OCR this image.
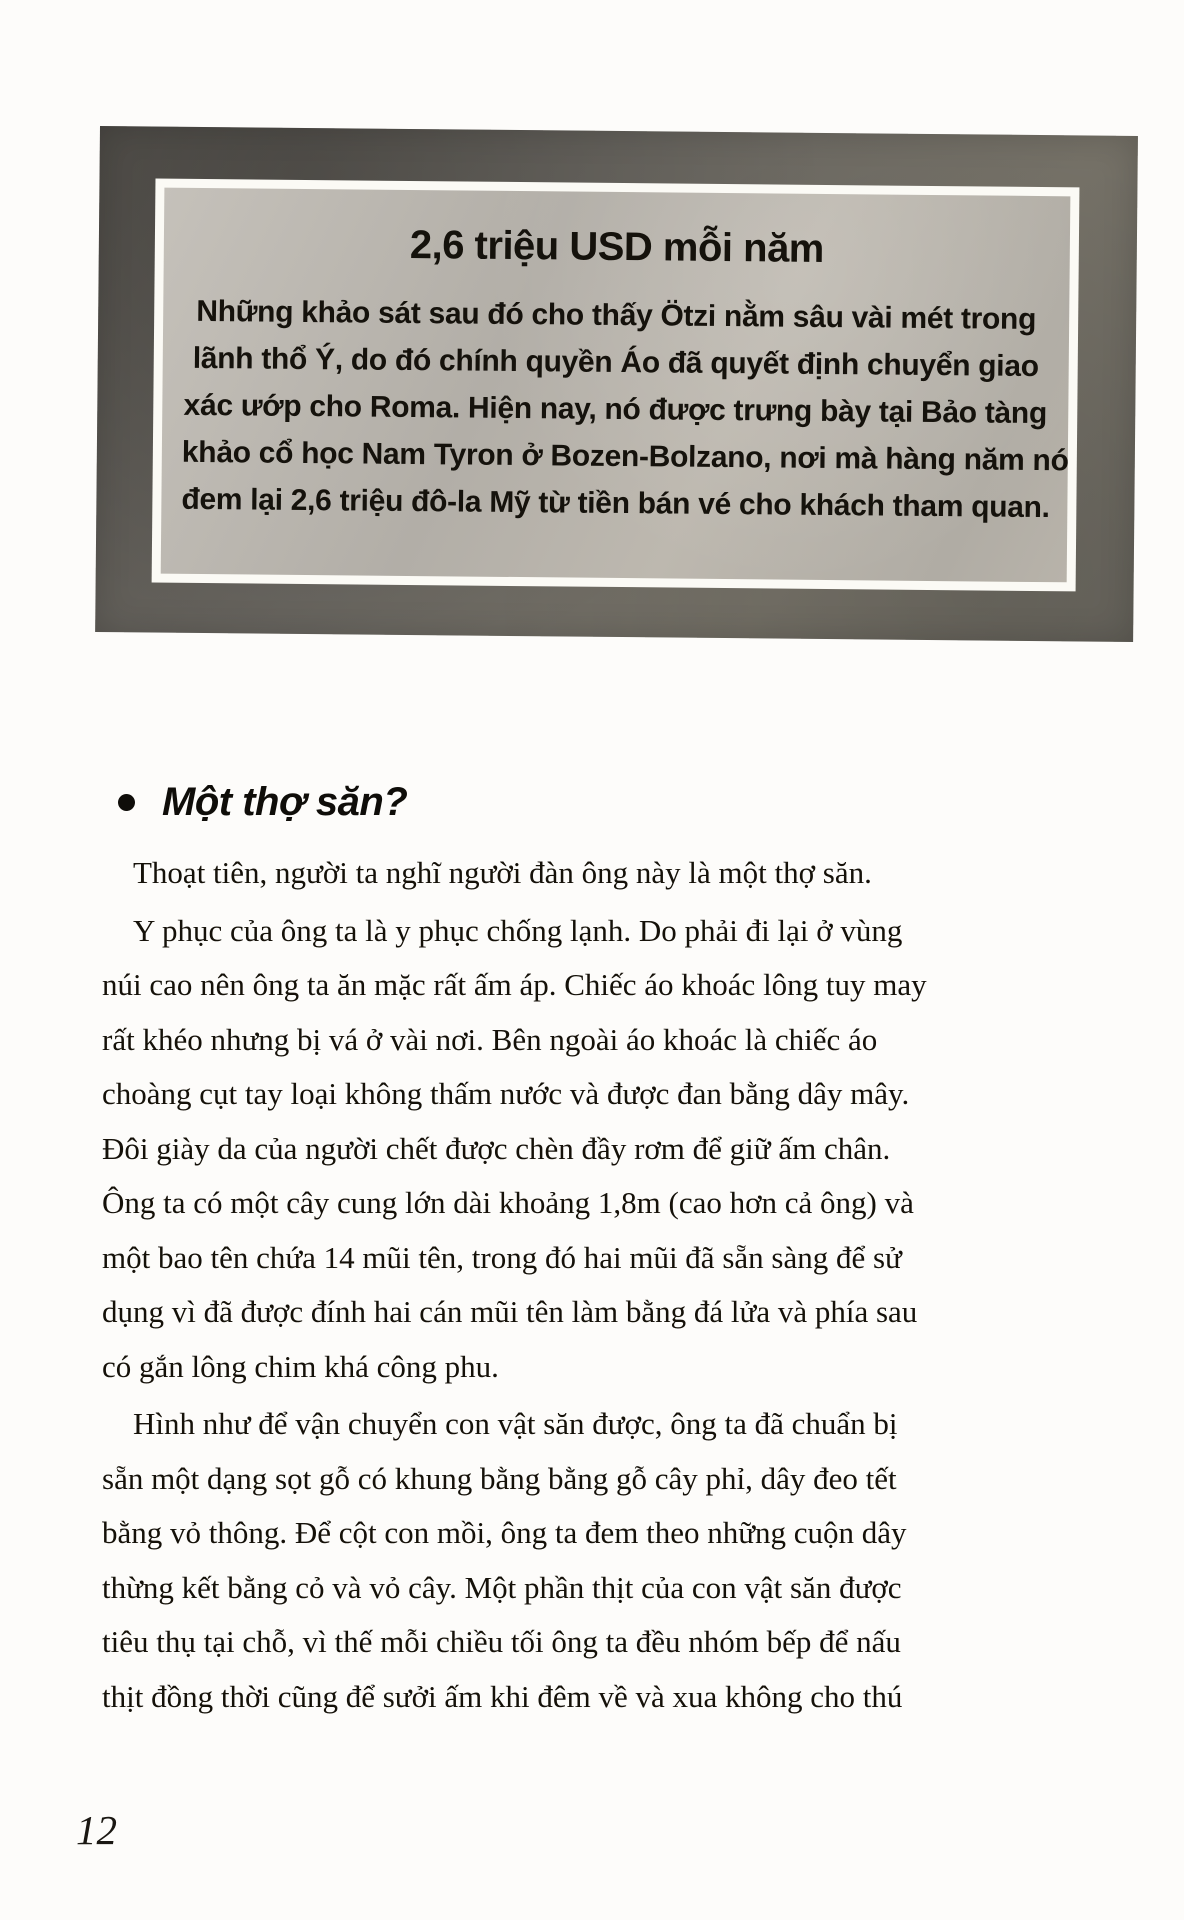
2,6 triệu USD mỗi năm
Những khảo sát sau đó cho thấy Ötzi nằm sâu vài mét trong
lãnh thổ Ý, do đó chính quyền Áo đã quyết định chuyển giao
xác ướp cho Roma. Hiện nay, nó được trưng bày tại Bảo tàng
khảo cổ học Nam Tyron ở Bozen-Bolzano, nơi mà hàng năm nó
đem lại 2,6 triệu đô-la Mỹ từ tiền bán vé cho khách tham quan.
Một thợ săn?
Thoạt tiên, người ta nghĩ người đàn ông này là một thợ săn.
Y phục của ông ta là y phục chống lạnh. Do phải đi lại ở vùng
núi cao nên ông ta ăn mặc rất ấm áp. Chiếc áo khoác lông tuy may
rất khéo nhưng bị vá ở vài nơi. Bên ngoài áo khoác là chiếc áo
choàng cụt tay loại không thấm nước và được đan bằng dây mây.
Đôi giày da của người chết được chèn đầy rơm để giữ ấm chân.
Ông ta có một cây cung lớn dài khoảng 1,8m (cao hơn cả ông) và
một bao tên chứa 14 mũi tên, trong đó hai mũi đã sẵn sàng để sử
dụng vì đã được đính hai cán mũi tên làm bằng đá lửa và phía sau
có gắn lông chim khá công phu.
Hình như để vận chuyển con vật săn được, ông ta đã chuẩn bị
sẵn một dạng sọt gỗ có khung bằng bằng gỗ cây phỉ, dây đeo tết
bằng vỏ thông. Để cột con mồi, ông ta đem theo những cuộn dây
thừng kết bằng cỏ và vỏ cây. Một phần thịt của con vật săn được
tiêu thụ tại chỗ, vì thế mỗi chiều tối ông ta đều nhóm bếp để nấu
thịt đồng thời cũng để sưởi ấm khi đêm về và xua không cho thú
12
